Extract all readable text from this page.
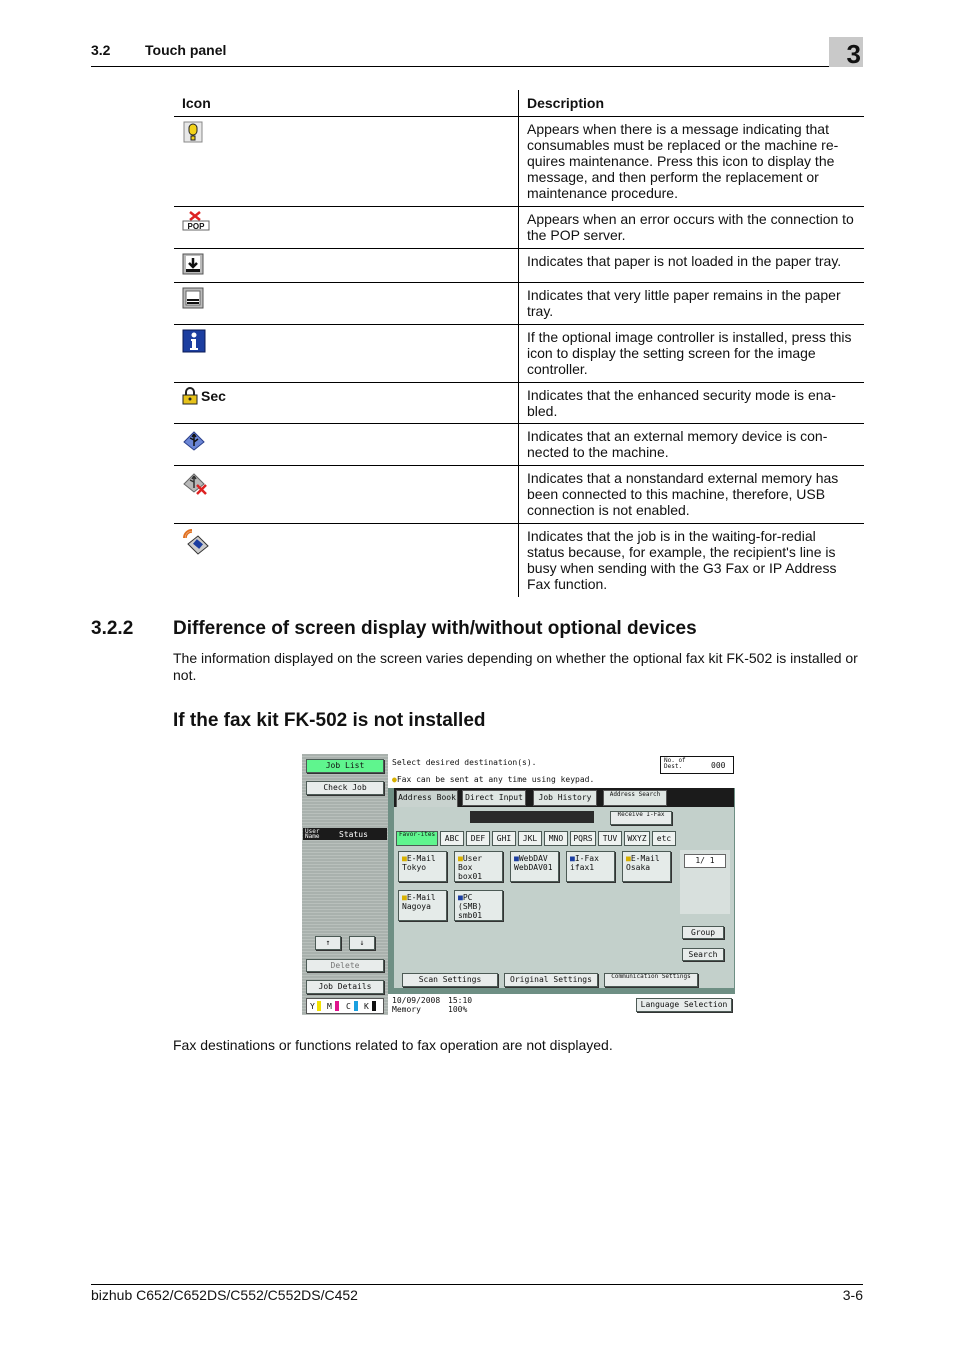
3.2 Touch panel	3
Icon	Description

	Appears when there is a message indicating that consumables must be replaced or the machine re-quires maintenance. Press this icon to display the message, and then perform the replacement or maintenance procedure.

POP	Appears when an error occurs with the connection to the POP server.

	Indicates that paper is not loaded in the paper tray.

	Indicates that very little paper remains in the paper tray.

	If the optional image controller is installed, press this icon to display the setting screen for the image controller.

Sec	Indicates that the enhanced security mode is ena-bled.

	Indicates that an external memory device is con-nected to the machine.

	Indicates that a nonstandard external memory has been connected to this machine, therefore, USB connection is not enabled.

	Indicates that the job is in the waiting-for-redial status because, for example, the recipient's line is busy when sending with the G3 Fax or IP Address Fax function.
3.2.2 Difference of screen display with/without optional devices
The information displayed on the screen varies depending on whether the optional fax kit FK-502 is installed or not.
If the fax kit FK-502 is not installed
Job List
Check Job
User Name	Status
↑	↓
Delete
Job Details
Y M C K
Select desired destination(s).
●Fax can be sent at any time using keypad.
No. of Dest.	000
Address Book	Direct Input	Job History	Address Search
Receive I-Fax
Favor-ites	ABC	DEF	GHI	JKL	MNO	PQRS	TUV	WXYZ	etc
■E-Mail
Tokyo
■User Box
box01
■WebDAV
WebDAV01
■I-Fax
ifax1
■E-Mail
Osaka
■E-Mail
Nagoya
■PC (SMB)
smb01
1/ 1
Group
Search
Scan Settings	Original Settings	Communication Settings
10/09/2008 15:10
Memory	100%
Language Selection
Fax destinations or functions related to fax operation are not displayed.
bizhub C652/C652DS/C552/C552DS/C452	3-6
